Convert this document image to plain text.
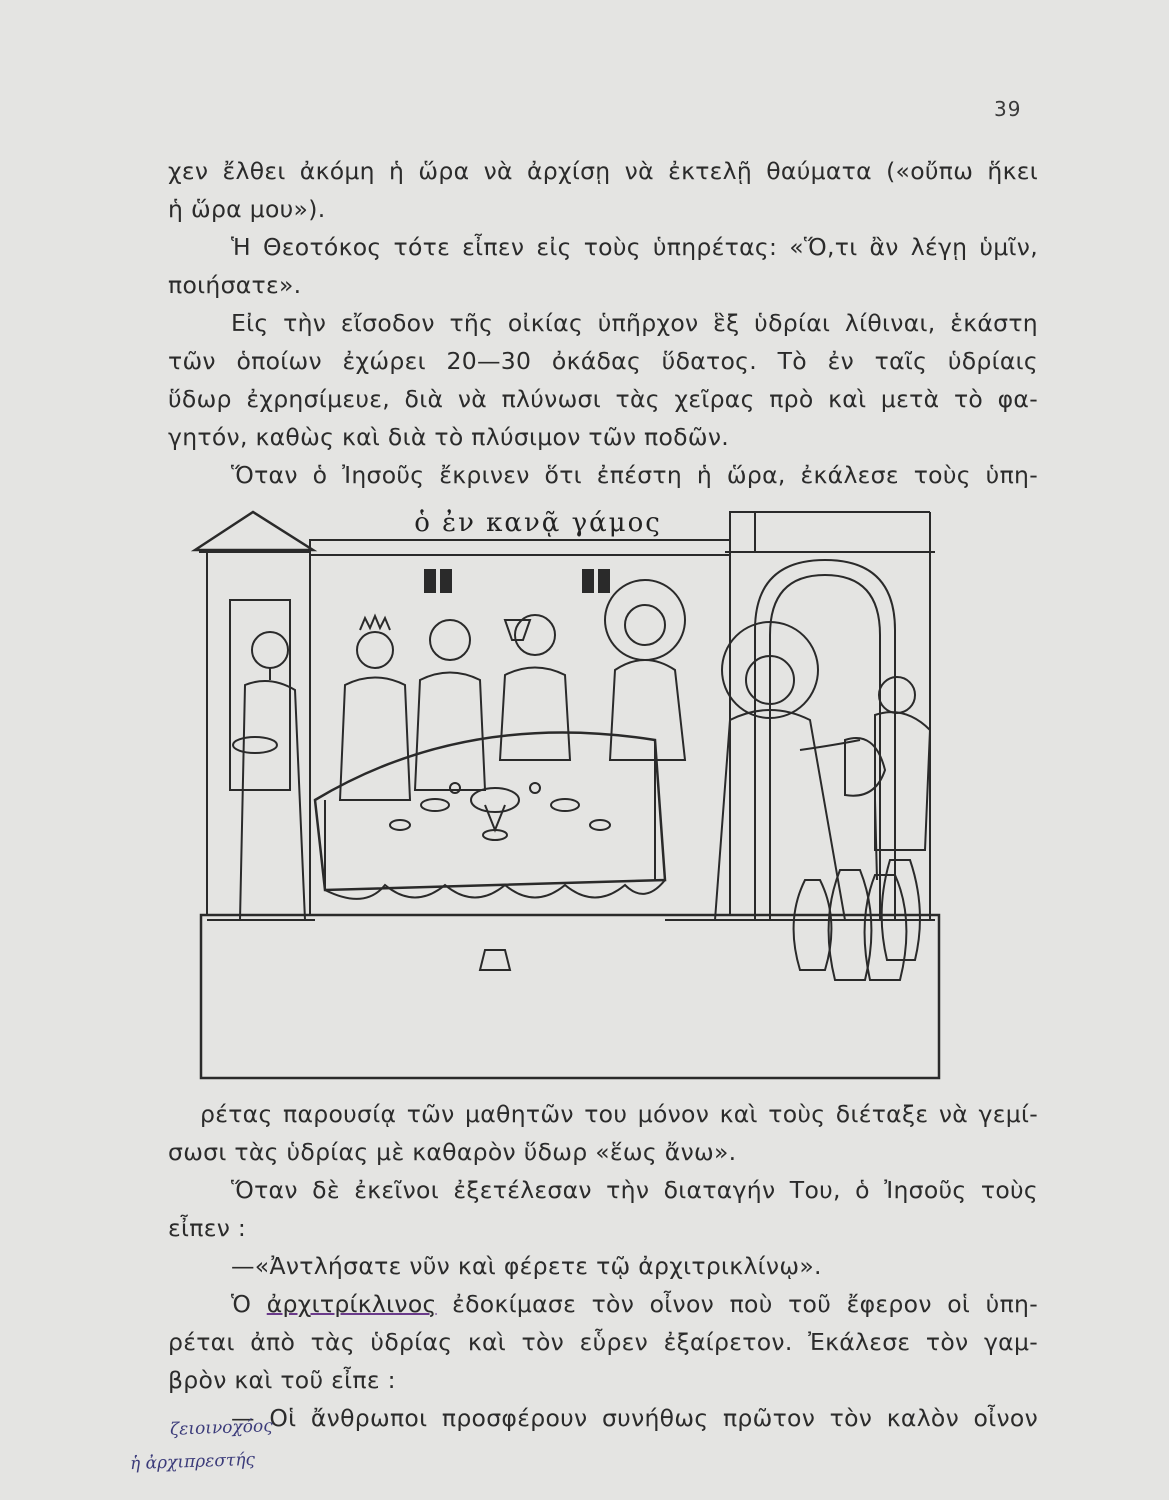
39
χεν ἔλθει ἀκόμη ἡ ὥρα νὰ ἀρχίσῃ νὰ ἐκτελῇ θαύματα («οὔπω ἥκει
ἡ ὥρα μου»).
Ἡ Θεοτόκος τότε εἶπεν εἰς τοὺς ὑπηρέτας: «Ὅ,τι ἂν λέγῃ ὑμῖν,
ποιήσατε».
Εἰς τὴν εἴσοδον τῆς οἰκίας ὑπῆρχον ἓξ ὑδρίαι λίθιναι, ἑκάστη
τῶν ὁποίων ἐχώρει 20—30 ὀκάδας ὕδατος. Τὸ ἐν ταῖς ὑδρίαις
ὕδωρ ἐχρησίμευε, διὰ νὰ πλύνωσι τὰς χεῖρας πρὸ καὶ μετὰ τὸ φα-
γητόν, καθὼς καὶ διὰ τὸ πλύσιμον τῶν ποδῶν.
Ὅταν ὁ Ἰησοῦς ἔκρινεν ὅτι ἐπέστη ἡ ὥρα, ἐκάλεσε τοὺς ὑπη-
ὁ ἐν κανᾷ γάμος
ρέτας παρουσίᾳ τῶν μαθητῶν του μόνον καὶ τοὺς διέταξε νὰ γεμί-
σωσι τὰς ὑδρίας μὲ καθαρὸν ὕδωρ «ἕως ἄνω».
Ὅταν δὲ ἐκεῖνοι ἐξετέλεσαν τὴν διαταγήν Του, ὁ Ἰησοῦς τοὺς
εἶπεν :
—«Ἀντλήσατε νῦν καὶ φέρετε τῷ ἀρχιτρικλίνῳ».
Ὁ ἀρχιτρίκλινος ἐδοκίμασε τὸν οἶνον ποὺ τοῦ ἔφερον οἱ ὑπη-
ρέται ἀπὸ τὰς ὑδρίας καὶ τὸν εὗρεν ἐξαίρετον. Ἐκάλεσε τὸν γαμ-
βρὸν καὶ τοῦ εἶπε :
— Οἱ ἄνθρωποι προσφέρουν συνήθως πρῶτον τὸν καλὸν οἶνον
ζειοινοχόος
ἡ ἀρχιπρεστής
